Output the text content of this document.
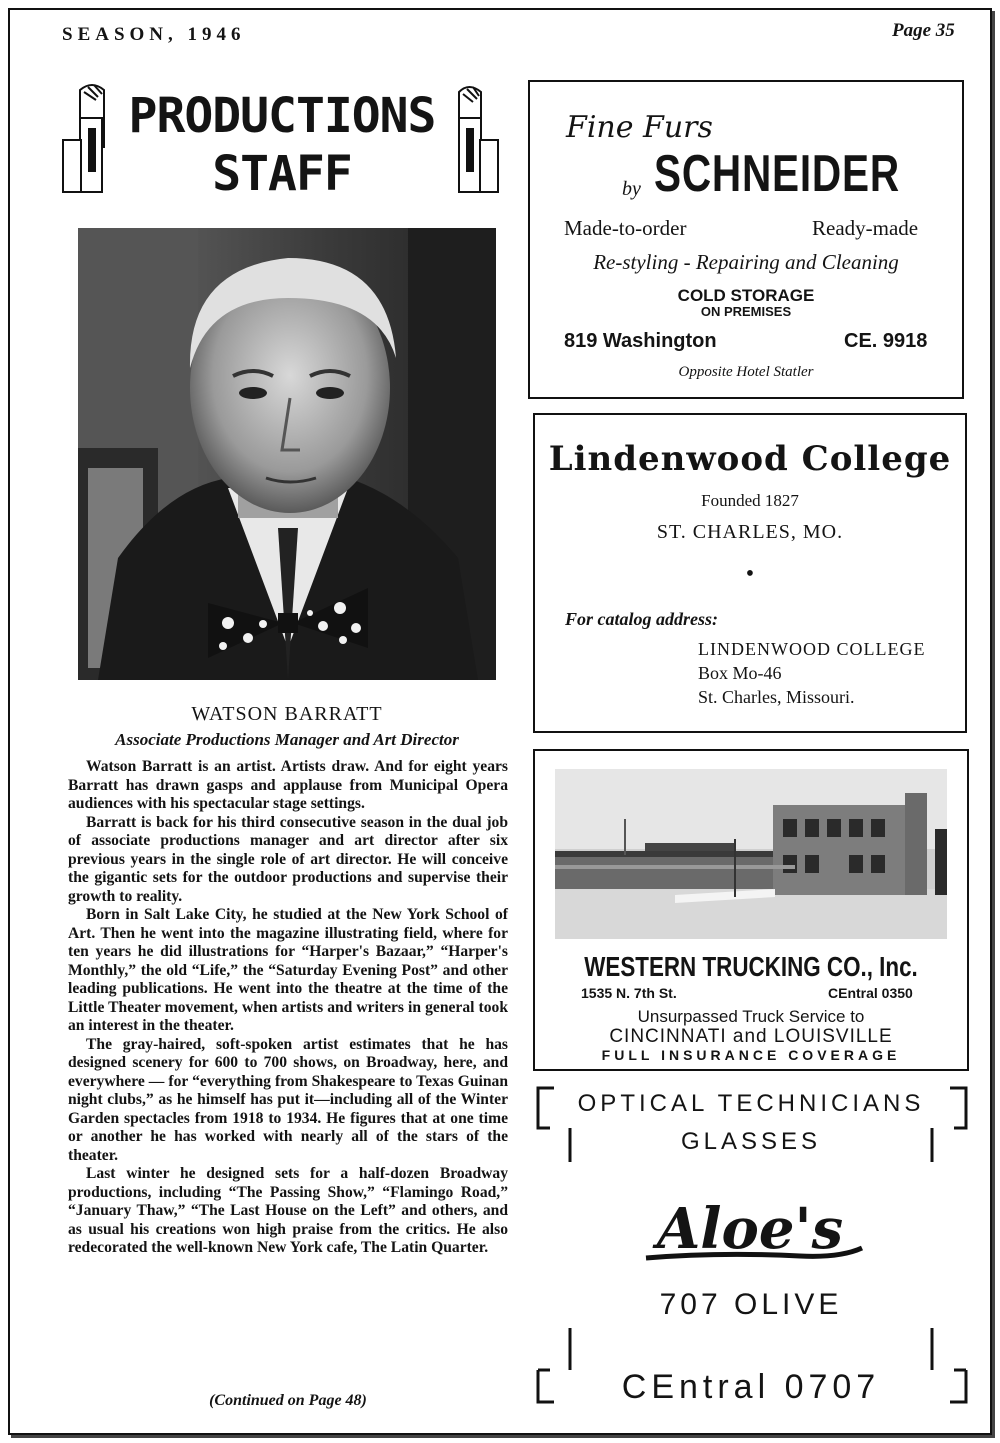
SEASON, 1946	Page 35
PRODUCTIONS
STAFF
WATSON BARRATT
Associate Productions Manager and Art Director

Watson Barratt is an artist. Artists draw. And for eight years Barratt has drawn gasps and applause from Municipal Opera audiences with his spectacular stage settings.

Barratt is back for his third consecutive season in the dual job of associate productions manager and art director after six previous years in the single role of art director. He will conceive the gigantic sets for the outdoor productions and supervise their growth to reality.

Born in Salt Lake City, he studied at the New York School of Art. Then he went into the magazine illustrating field, where for ten years he did illustrations for “Harper's Bazaar,” “Harper's Monthly,” the old “Life,” the “Saturday Evening Post” and other leading publications. He went into the theatre at the time of the Little Theater movement, when artists and writers in general took an interest in the theater.

The gray-haired, soft-spoken artist estimates that he has designed scenery for 600 to 700 shows, on Broadway, here, and everywhere — for “everything from Shakespeare to Texas Guinan night clubs,” as he himself has put it—including all of the Winter Garden spectacles from 1918 to 1934. He figures that at one time or another he has worked with nearly all of the stars of the theater.

Last winter he designed sets for a half-dozen Broadway productions, including “The Passing Show,” “Flamingo Road,” “January Thaw,” “The Last House on the Left” and others, and as usual his creations won high praise from the critics. He also redecorated the well-known New York cafe, The Latin Quarter.

(Continued on Page 48)
Fine Furs
by SCHNEIDER
Made-to-order	Ready-made
Re-styling - Repairing and Cleaning
COLD STORAGE
ON PREMISES
819 Washington	CE. 9918
Opposite Hotel Statler
Lindenwood College
Founded 1827
ST. CHARLES, MO.
•
For catalog address:
LINDENWOOD COLLEGE
Box Mo-46
St. Charles, Missouri.
WESTERN TRUCKING CO., Inc.
1535 N. 7th St.	CEntral 0350
Unsurpassed Truck Service to
CINCINNATI and LOUISVILLE
FULL INSURANCE COVERAGE
OPTICAL TECHNICIANS
GLASSES
Aloe's
707 OLIVE
CEntral 0707
